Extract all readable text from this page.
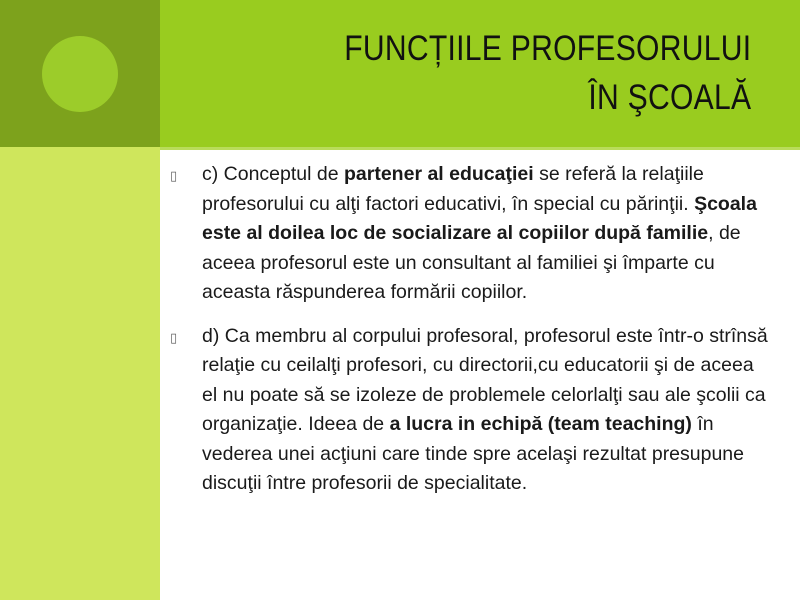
FUNCȚIILE PROFESORULUI
ÎN ŞCOALĂ
▯ c) Conceptul de partener al educaţiei se referă la relaţiile profesorului cu alţi factori educativi, în special cu părinţii. Şcoala este al doilea loc de socializare al copiilor după familie, de aceea profesorul este un consultant al familiei şi împarte cu aceasta răspunderea formării copiilor.
▯ d) Ca membru al corpului profesoral, profesorul este într-o strînsă relaţie cu ceilalţi profesori, cu directorii,cu educatorii şi de aceea el nu poate să se izoleze de problemele celorlalţi sau ale şcolii ca organizaţie. Ideea de a lucra in echipă (team teaching) în vederea unei acţiuni care tinde spre acelaşi rezultat presupune discuţii între profesorii de specialitate.
